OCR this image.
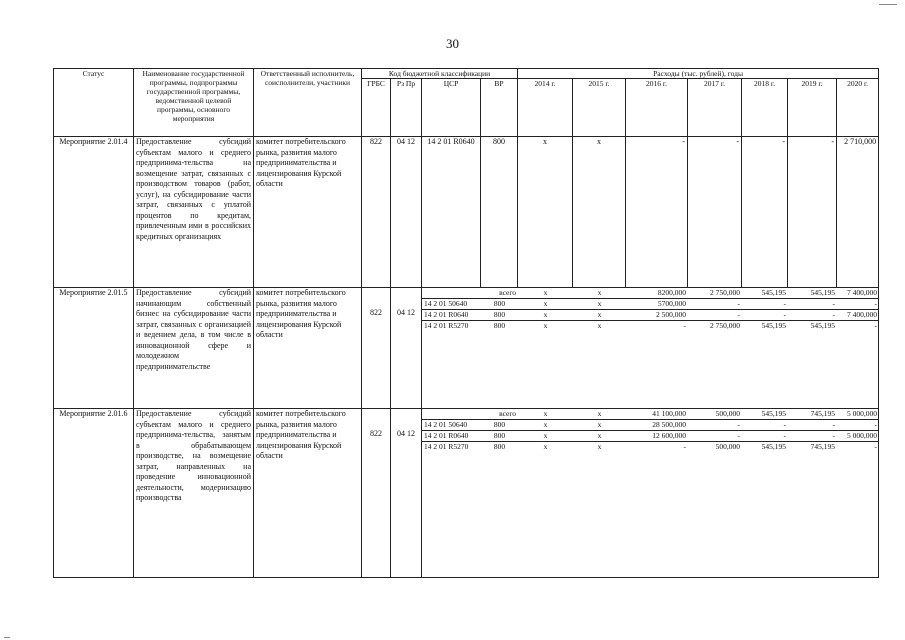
30
Статус	Наименование государственной программы, подпрограммы государственной программы, ведомственной целевой программы, основного мероприятия	Ответственный исполнитель, соисполнители, участники	Код бюджетной классификации	Расходы (тыс. рублей), годы
ГРБС	Рз Пр	ЦСР	ВР	2014 г.	2015 г.	2016 г.	2017 г.	2018 г.	2019 г.	2020 г.
Мероприятие 2.01.4	Предоставление субсидий субъектам малого и среднего предпринима-тельства на возмещение затрат, связанных с производством товаров (работ, услуг), на субсидирование части затрат, связанных с уплатой процентов по кредитам, привлеченным ими в российских кредитных организациях	комитет потребительского рынка, развития малого предпринимательства и лицензирования Курской области	822	04 12	14 2 01 R0640	800	x	x	-	-	-	-	2 710,000
Мероприятие 2.01.5	Предоставление субсидий начинающим собственный бизнес на субсидирование части затрат, связанных с организацией и ведением дела, в том числе в инновационной сфере и молодежном предпринимательстве	комитет потребительского рынка, развития малого предпринимательства и лицензирования Курской области	822	04 12	
	всего	x	x	8200,000	2 750,000	545,195	545,195	7 400,000
14 2 01 50640	800	x	x	5700,000	-	-	-	-
14 2 01 R0640	800	x	x	2 500,000	-	-	-	7 400,000
14 2 01 R5270	800	x	x	-	2 750,000	545,195	545,195	-

Мероприятие 2.01.6	Предоставление субсидий субъектам малого и среднего предпринима-тельства, занятым в обрабатывающем производстве, на возмещение затрат, направленных на проведение инновационной деятельности, модернизацию производства	комитет потребительского рынка, развития малого предпринимательства и лицензирования Курской области	822	04 12	
	всего	x	x	41 100,000	500,000	545,195	745,195	5 000,000
14 2 01 50640	800	x	x	28 500,000	-	-	-	-
14 2 01 R0640	800	x	x	12 600,000	-	-	-	5 000,000
14 2 01 R5270	800	x	x	-	500,000	545,195	745,195	-
